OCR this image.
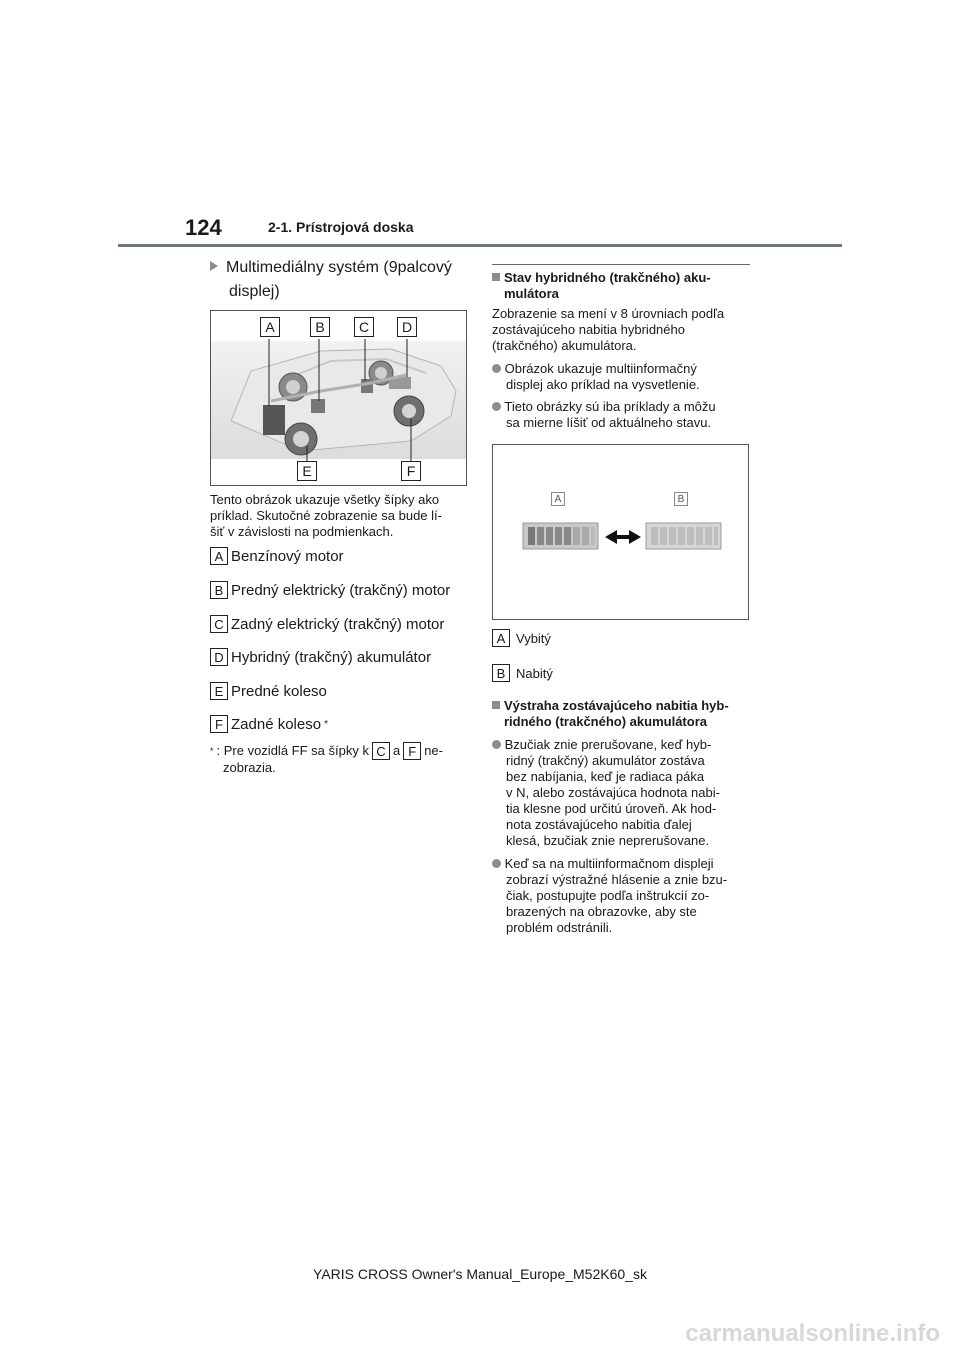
124	2-1. Prístrojová doska
Multimediálny systém (9palcový
displej)
A	B	C	D
E	F
Tento obrázok ukazuje všetky šípky ako
príklad. Skutočné zobrazenie sa bude lí-
šiť v závislosti na podmienkach.
A Benzínový motor
B Predný elektrický (trakčný) motor
C Zadný elektrický (trakčný) motor
D Hybridný (trakčný) akumulátor
E Predné koleso
F Zadné koleso *
* : Pre vozidlá FF sa šípky k C a F ne-
zobrazia.
Stav hybridného (trakčného) aku-
mulátora
Zobrazenie sa mení v 8 úrovniach podľa
zostávajúceho nabitia hybridného
(trakčného) akumulátora.
Obrázok ukazuje multiinformačný
displej ako príklad na vysvetlenie.
Tieto obrázky sú iba príklady a môžu
sa mierne líšiť od aktuálneho stavu.
A	B
A Vybitý
B Nabitý
Výstraha zostávajúceho nabitia hyb-
ridného (trakčného) akumulátora
Bzučiak znie prerušovane, keď hyb-
ridný (trakčný) akumulátor zostáva
bez nabíjania, keď je radiaca páka
v N, alebo zostávajúca hodnota nabi-
tia klesne pod určitú úroveň. Ak hod-
nota zostávajúceho nabitia ďalej
klesá, bzučiak znie neprerušovane.
Keď sa na multiinformačnom displeji
zobrazí výstražné hlásenie a znie bzu-
čiak, postupujte podľa inštrukcií zo-
brazených na obrazovke, aby ste
problém odstránili.
YARIS CROSS Owner's Manual_Europe_M52K60_sk
carmanualsonline.info
